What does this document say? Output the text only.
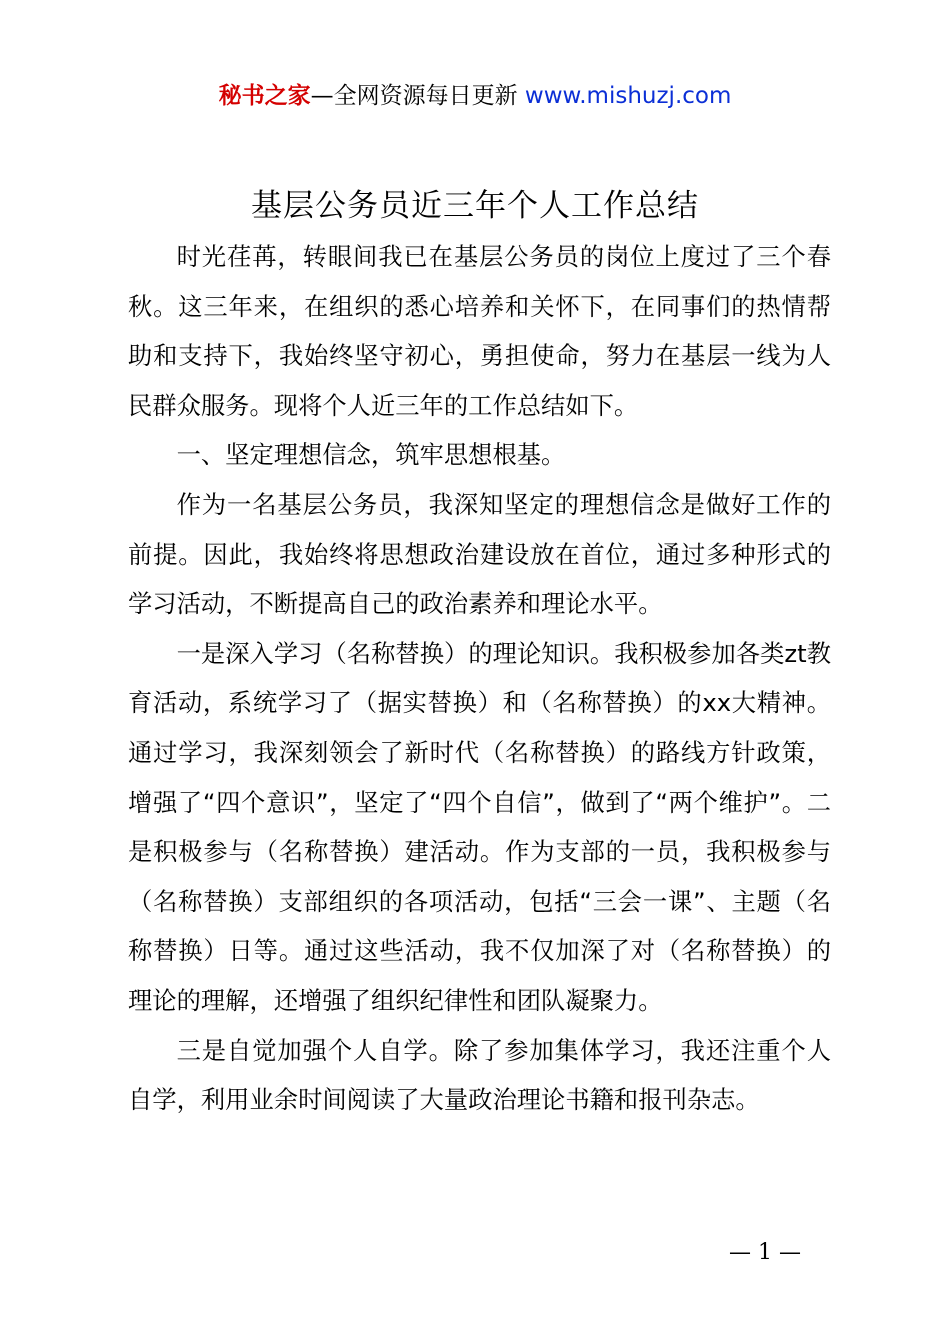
秘书之家—全网资源每日更新 www.mishuzj.com
基层公务员近三年个人工作总结

时光荏苒，转眼间我已在基层公务员的岗位上度过了三个春秋。这三年来，在组织的悉心培养和关怀下，在同事们的热情帮助和支持下，我始终坚守初心，勇担使命，努力在基层一线为人民群众服务。现将个人近三年的工作总结如下。

一、坚定理想信念，筑牢思想根基。

作为一名基层公务员，我深知坚定的理想信念是做好工作的前提。因此，我始终将思想政治建设放在首位，通过多种形式的学习活动，不断提高自己的政治素养和理论水平。

一是深入学习（名称替换）的理论知识。我积极参加各类zt教育活动，系统学习了（据实替换）和（名称替换）的xx大精神。通过学习，我深刻领会了新时代（名称替换）的路线方针政策，增强了“四个意识”，坚定了“四个自信”，做到了“两个维护”。二是积极参与（名称替换）建活动。作为支部的一员，我积极参与（名称替换）支部组织的各项活动，包括“三会一课”、主题（名称替换）日等。通过这些活动，我不仅加深了对（名称替换）的理论的理解，还增强了组织纪律性和团队凝聚力。

三是自觉加强个人自学。除了参加集体学习，我还注重个人自学，利用业余时间阅读了大量政治理论书籍和报刊杂志。

— 1 —
